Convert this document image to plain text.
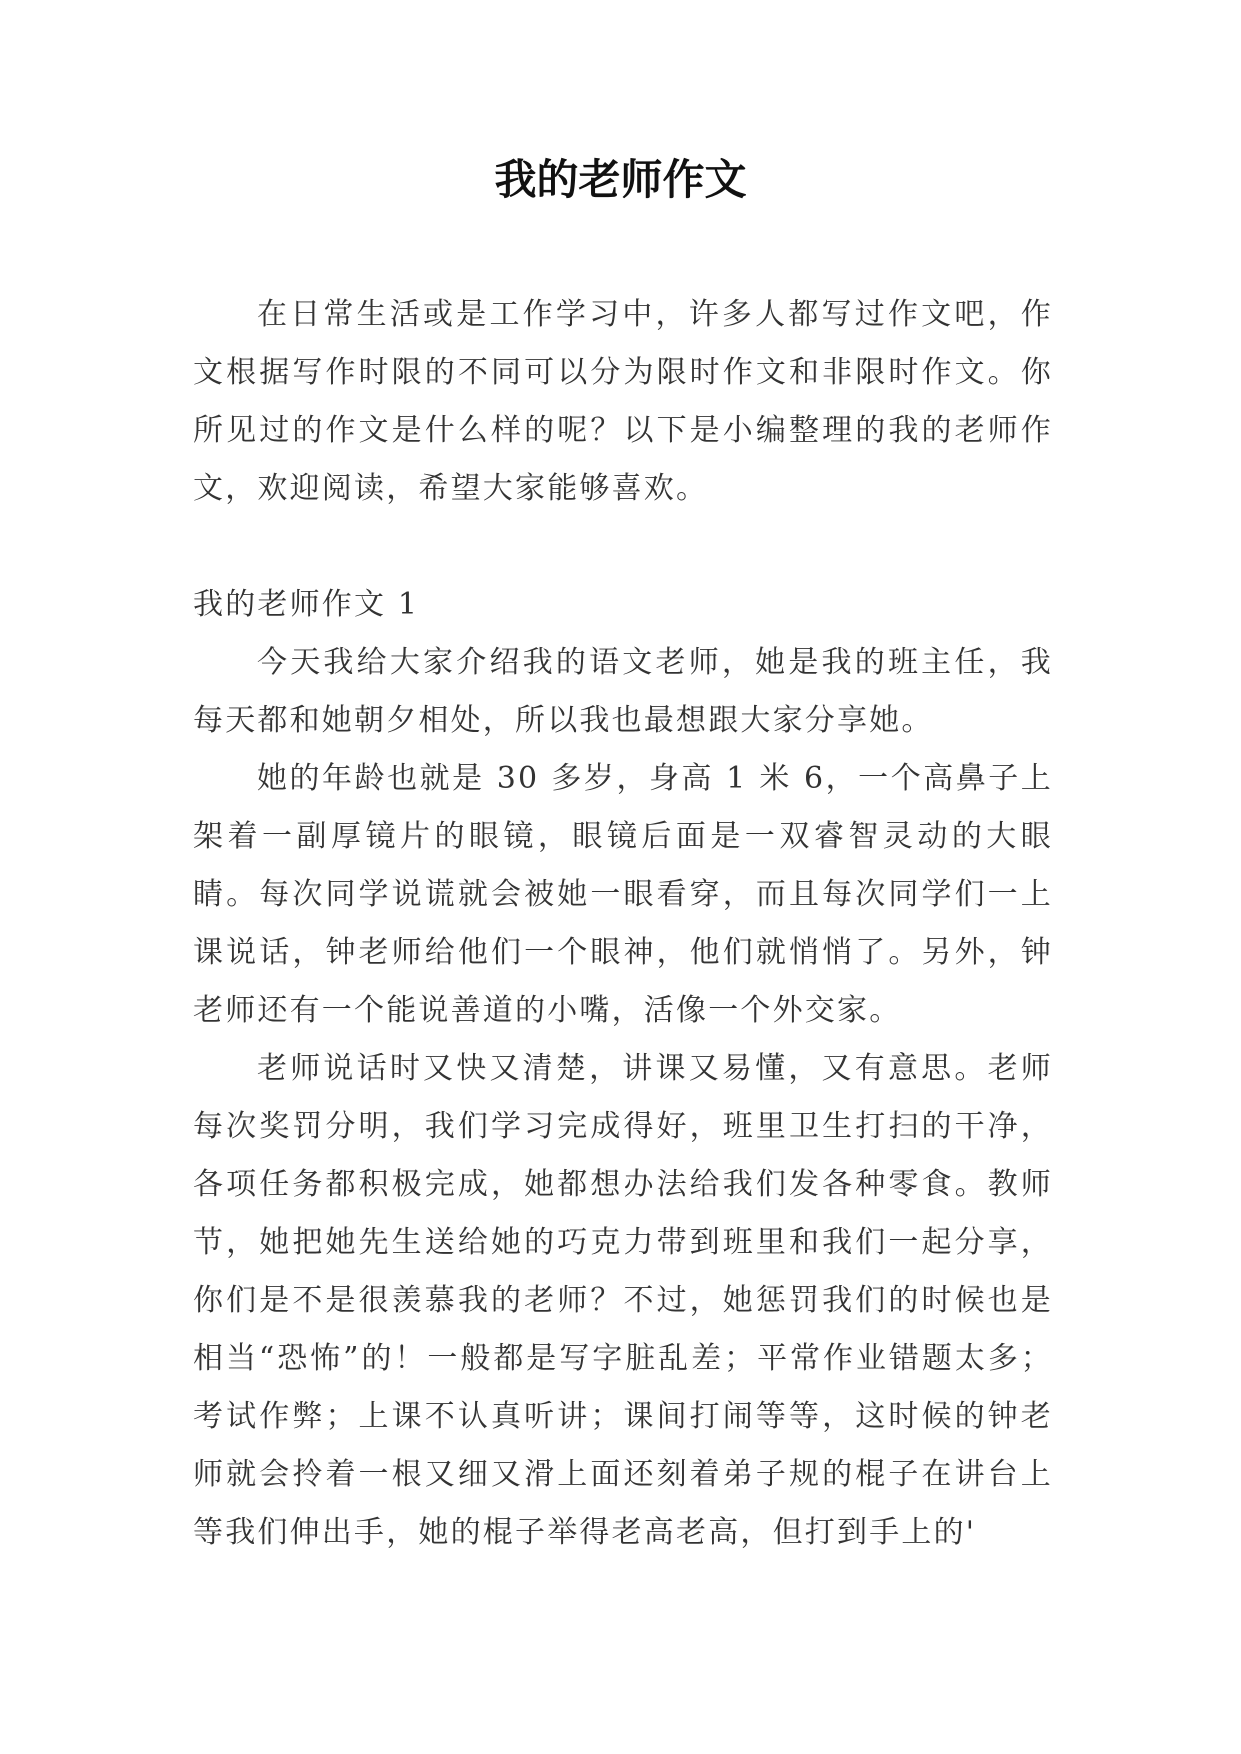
我的老师作文

在日常生活或是工作学习中，许多人都写过作文吧，作文根据写作时限的不同可以分为限时作文和非限时作文。你所见过的作文是什么样的呢？以下是小编整理的我的老师作文，欢迎阅读，希望大家能够喜欢。

我的老师作文 1

今天我给大家介绍我的语文老师，她是我的班主任，我每天都和她朝夕相处，所以我也最想跟大家分享她。

她的年龄也就是 30 多岁，身高 1 米 6，一个高鼻子上架着一副厚镜片的眼镜，眼镜后面是一双睿智灵动的大眼睛。每次同学说谎就会被她一眼看穿，而且每次同学们一上课说话，钟老师给他们一个眼神，他们就悄悄了。另外，钟老师还有一个能说善道的小嘴，活像一个外交家。

老师说话时又快又清楚，讲课又易懂，又有意思。老师每次奖罚分明，我们学习完成得好，班里卫生打扫的干净，各项任务都积极完成，她都想办法给我们发各种零食。教师节，她把她先生送给她的巧克力带到班里和我们一起分享，你们是不是很羡慕我的老师？不过，她惩罚我们的时候也是相当“恐怖”的！一般都是写字脏乱差；平常作业错题太多；考试作弊；上课不认真听讲；课间打闹等等，这时候的钟老师就会拎着一根又细又滑上面还刻着弟子规的棍子在讲台上等我们伸出手，她的棍子举得老高老高，但打到手上的'
